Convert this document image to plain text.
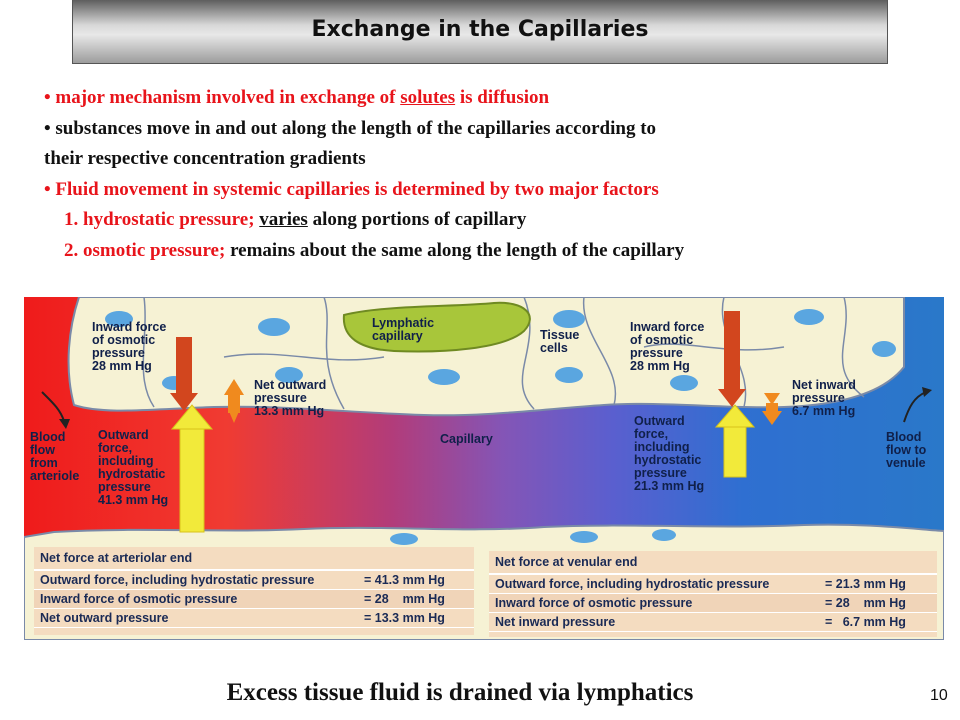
Exchange in the Capillaries

• major mechanism involved in exchange of solutes is diffusion

• substances move in and out along the length of the capillaries according to

their respective concentration gradients

• Fluid movement in systemic capillaries is determined by two major factors

1. hydrostatic pressure; varies along portions of capillary

2. osmotic pressure; remains about the same along the length of the capillary

Lymphatic
capillary	Tissue
cells
Inward force
of osmotic
pressure
28 mm Hg
Inward force
of osmotic
pressure
28 mm Hg
Net outward
pressure
13.3 mm Hg
Net inward
pressure
6.7 mm Hg
Outward
force,
including
hydrostatic
pressure
41.3 mm Hg
Outward
force,
including
hydrostatic
pressure
21.3 mm Hg
Capillary
Blood
flow
from
arteriole
Blood
flow to
venule
Net force at arteriolar end
Outward force, including hydrostatic pressure	= 41.3 mm Hg
Inward force of osmotic pressure	= 28    mm Hg
Net outward pressure	= 13.3 mm Hg
Net force at venular end
Outward force, including hydrostatic pressure	= 21.3 mm Hg
Inward force of osmotic pressure	= 28    mm Hg
Net inward pressure	=   6.7 mm Hg
Excess tissue fluid is drained via lymphatics	10
